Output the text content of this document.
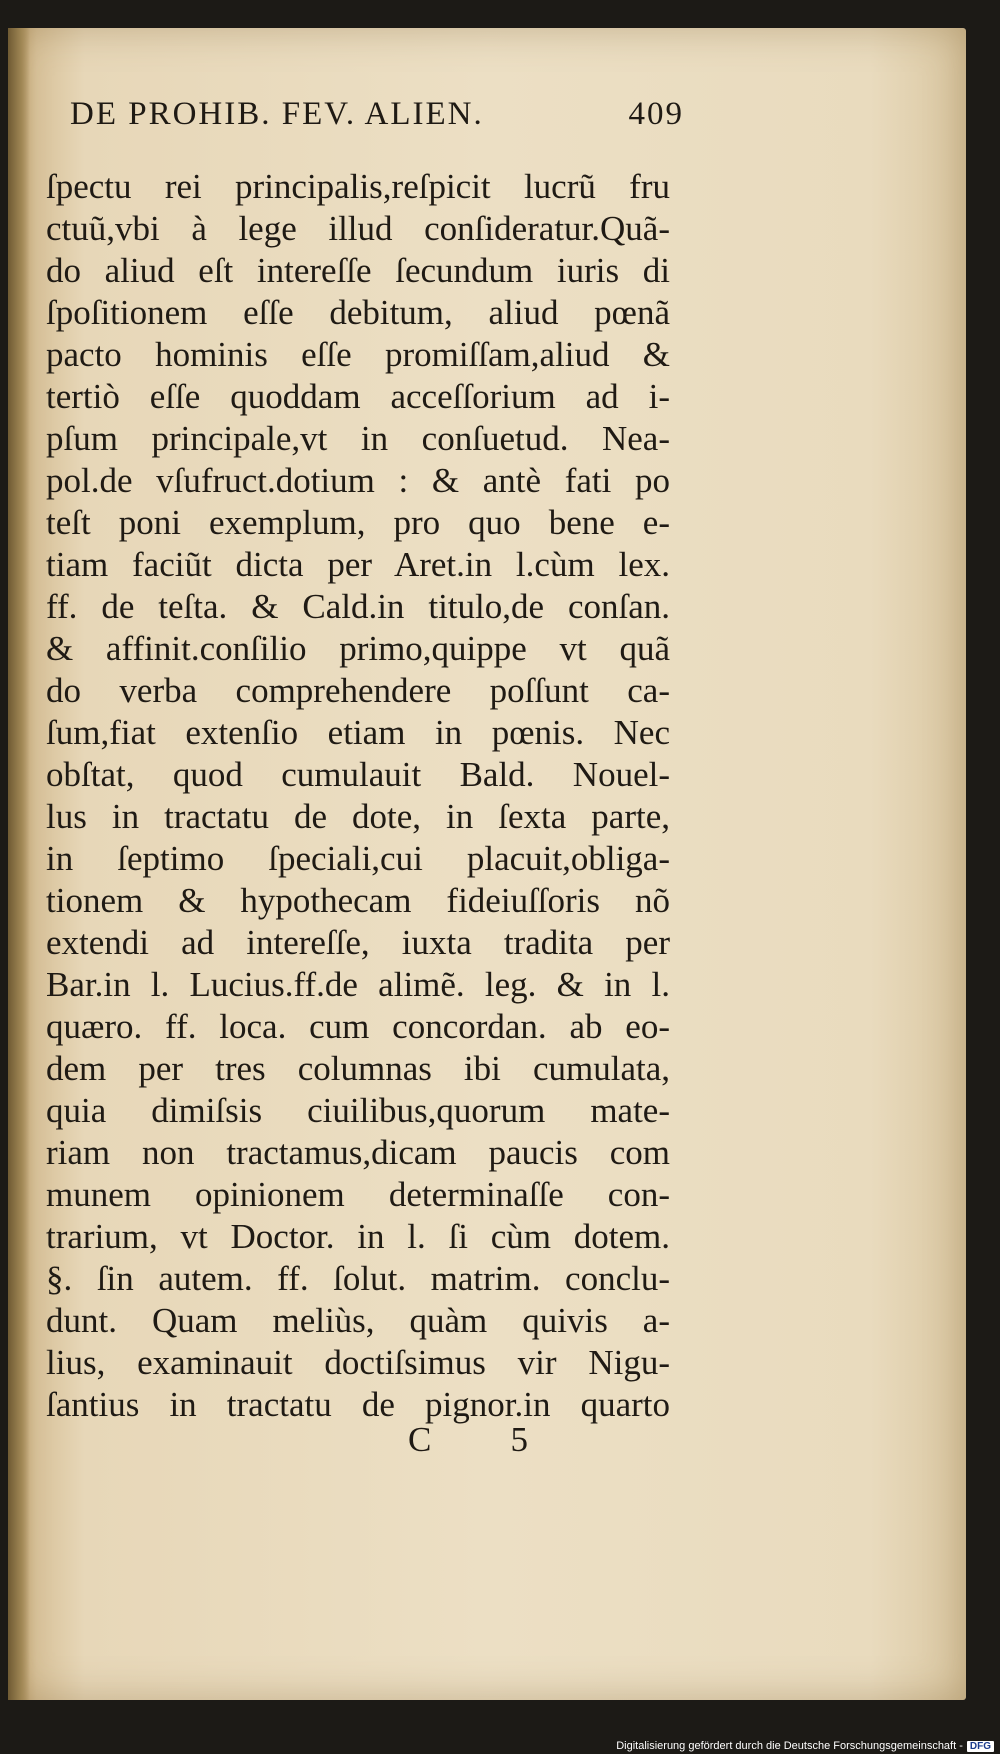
DE PROHIB. FEV. ALIEN.	409
ſpectu rei principalis,reſpicit lucrũ fru
ctuũ,vbi à lege illud conſideratur.Quã-
do aliud eſt intereſſe ſecundum iuris di
ſpoſitionem eſſe debitum, aliud pœnã
pacto hominis eſſe promiſſam,aliud &
tertiò eſſe quoddam acceſſorium ad i-
pſum principale,vt in conſuetud. Nea-
pol.de vſufruct.dotium : & antè fati po
teſt poni exemplum, pro quo bene e-
tiam faciũt dicta per Aret.in l.cùm lex.
ff. de teſta. & Cald.in titulo,de conſan.
& affinit.conſilio primo,quippe vt quã
do verba comprehendere poſſunt ca-
ſum,fiat extenſio etiam in pœnis. Nec
obſtat, quod cumulauit Bald. Nouel-
lus in tractatu de dote, in ſexta parte,
in ſeptimo ſpeciali,cui placuit,obliga-
tionem & hypothecam fideiuſſoris nõ
extendi ad intereſſe, iuxta tradita per
Bar.in l. Lucius.ff.de alimẽ. leg. & in l.
quæro. ff. loca. cum concordan. ab eo-
dem per tres columnas ibi cumulata,
quia dimiſsis ciuilibus,quorum mate-
riam non tractamus,dicam paucis com
munem opinionem determinaſſe con-
trarium, vt Doctor. in l. ſi cùm dotem.
§. ſin autem. ff. ſolut. matrim. conclu-
dunt. Quam meliùs, quàm quivis a-
lius, examinauit doctiſsimus vir Nigu-
ſantius in tractatu de pignor.in quarto
C 5
Digitalisierung gefördert durch die Deutsche Forschungsgemeinschaft - DFG
